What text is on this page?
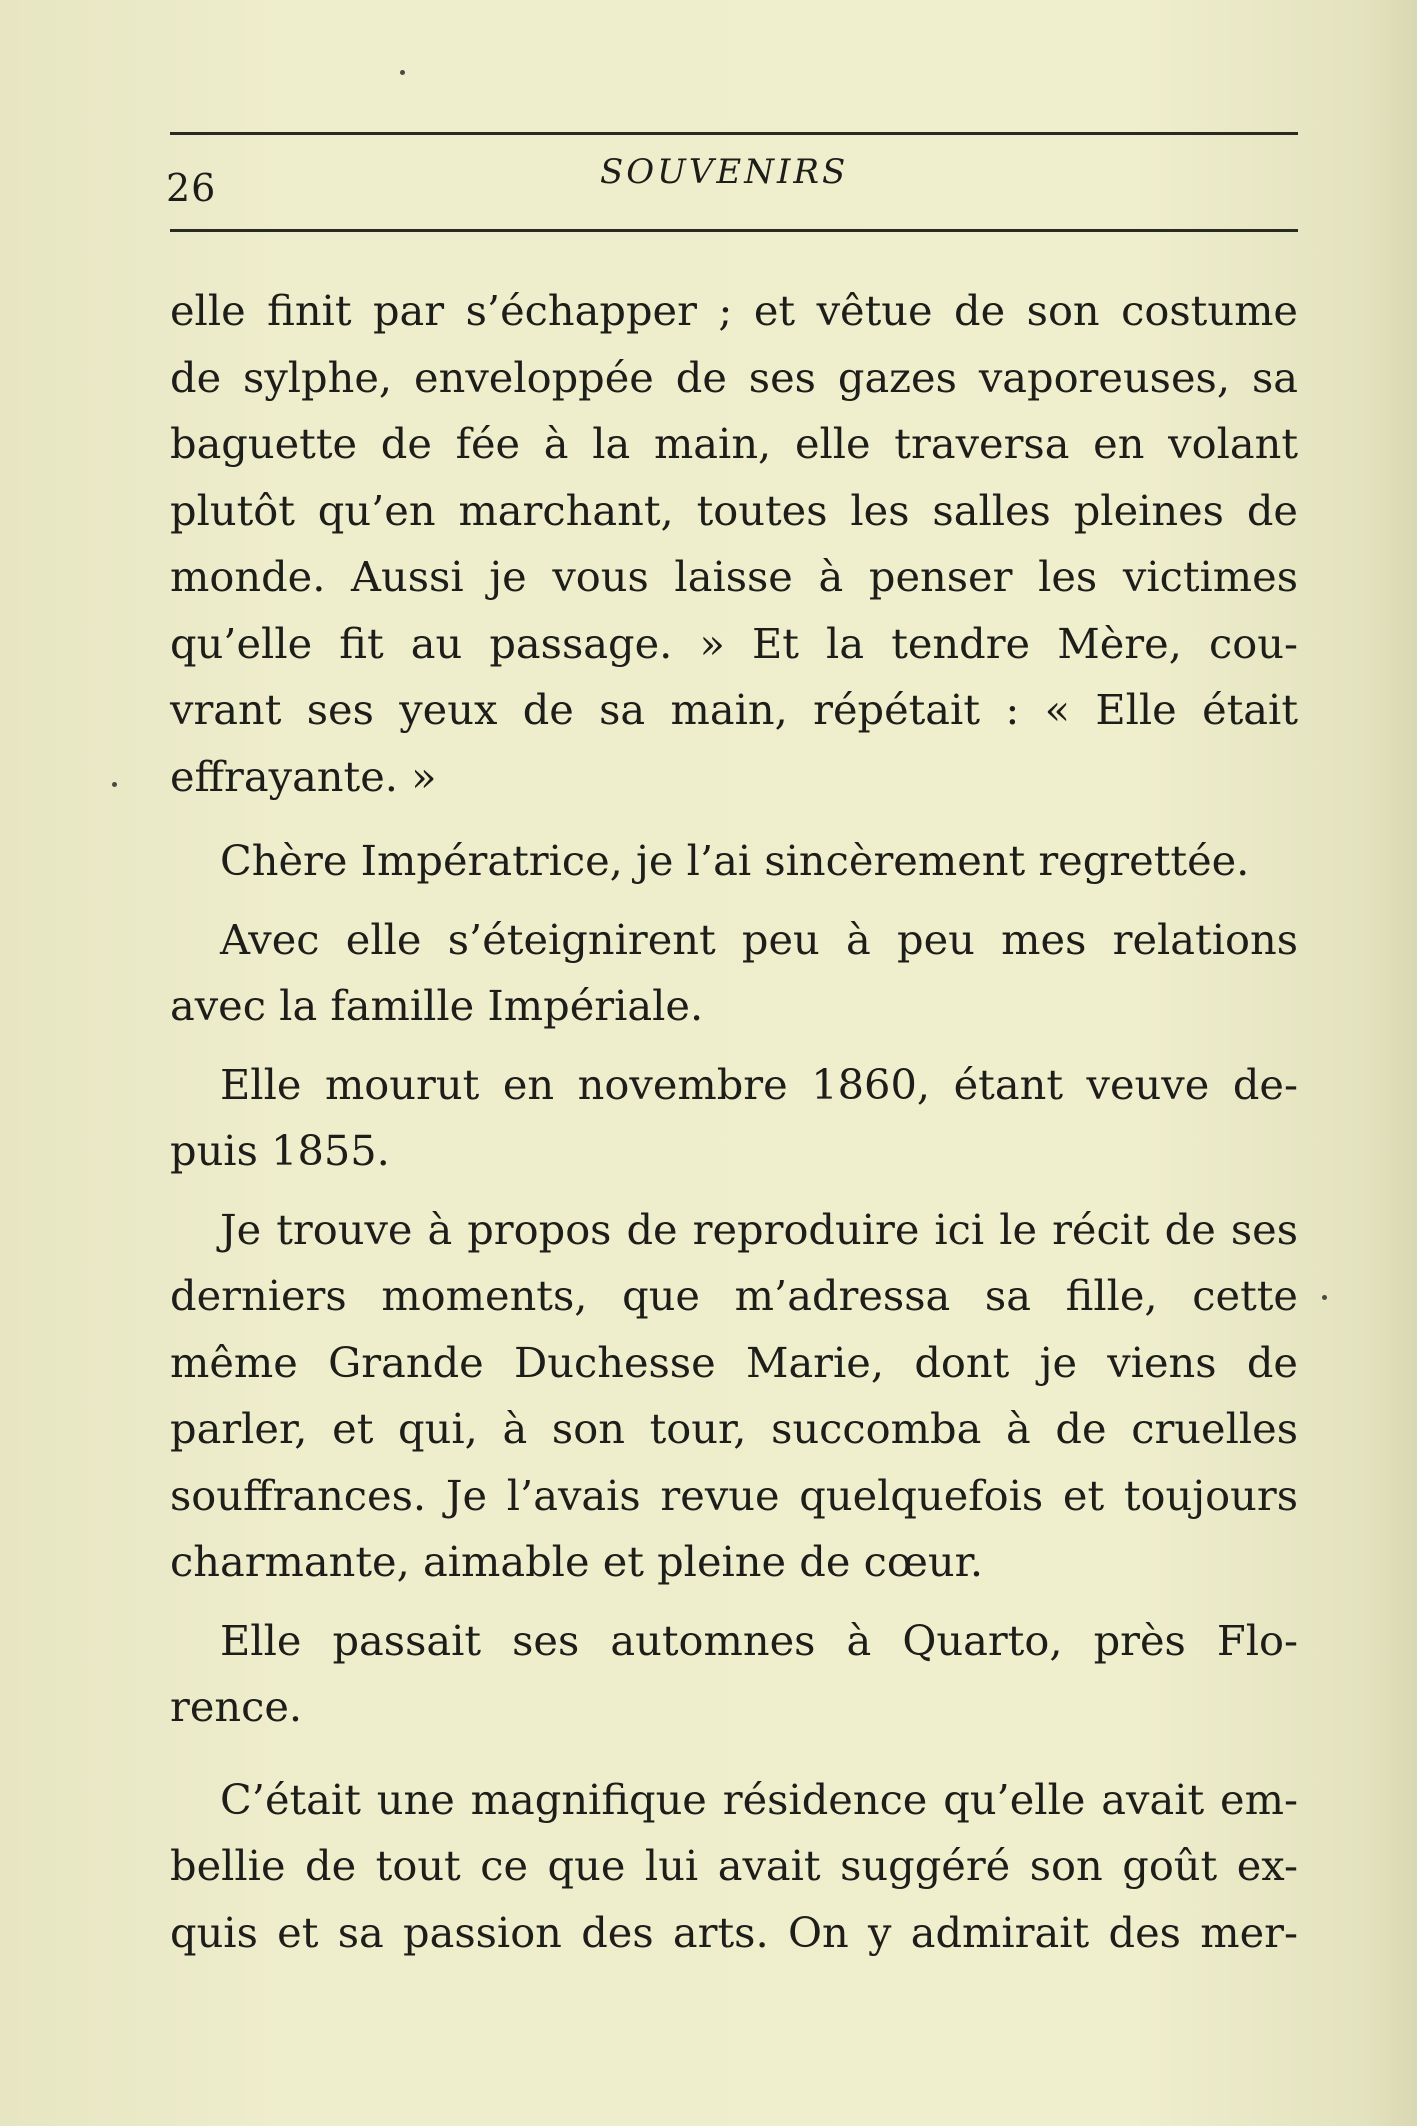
26	SOUVENIRS

elle finit par s’échapper ; et vêtue de son costume
de sylphe, enveloppée de ses gazes vaporeuses, sa
baguette de fée à la main, elle traversa en volant
plutôt qu’en marchant, toutes les salles pleines de
monde. Aussi je vous laisse à penser les victimes
qu’elle fit au passage. » Et la tendre Mère, cou-
vrant ses yeux de sa main, répétait : « Elle était
effrayante. »

Chère Impératrice, je l’ai sincèrement regrettée.

Avec elle s’éteignirent peu à peu mes relations
avec la famille Impériale.

Elle mourut en novembre 1860, étant veuve de-
puis 1855.

Je trouve à propos de reproduire ici le récit de ses
derniers moments, que m’adressa sa fille, cette
même Grande Duchesse Marie, dont je viens de
parler, et qui, à son tour, succomba à de cruelles
souffrances. Je l’avais revue quelquefois et toujours
charmante, aimable et pleine de cœur.

Elle passait ses automnes à Quarto, près Flo-
rence.

C’était une magnifique résidence qu’elle avait em-
bellie de tout ce que lui avait suggéré son goût ex-
quis et sa passion des arts. On y admirait des mer-
